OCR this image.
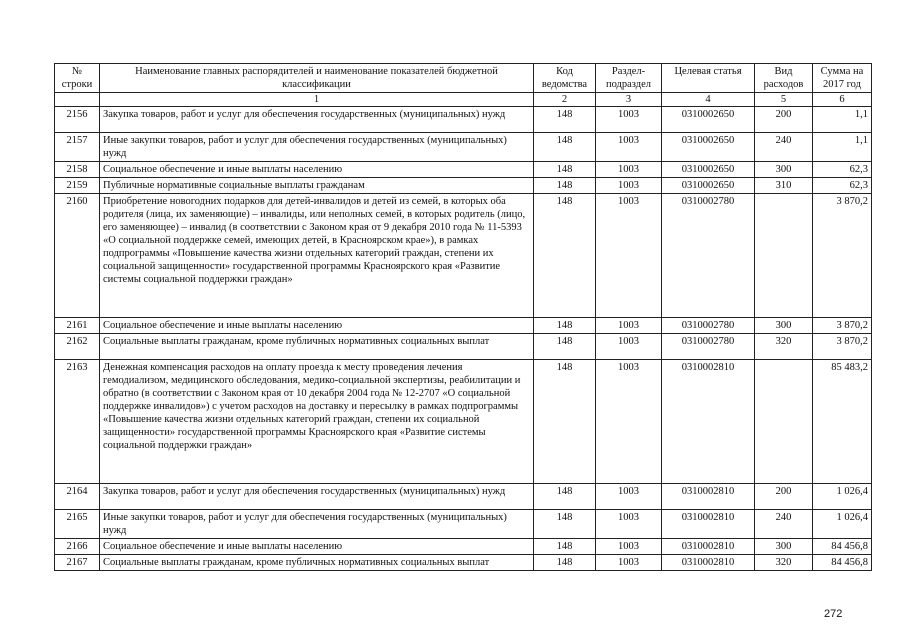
№ строки	Наименование главных распорядителей и наименование показателей бюджетной классификации	Код ведомства	Раздел-подраздел	Целевая статья	Вид расходов	Сумма на 2017 год
	1	2	3	4	5	6
2156	Закупка товаров, работ и услуг для обеспечения государственных (муниципальных) нужд	148	1003	0310002650	200	1,1
2157	Иные закупки товаров, работ и услуг для обеспечения государственных (муниципальных) нужд	148	1003	0310002650	240	1,1
2158	Социальное обеспечение и иные выплаты населению	148	1003	0310002650	300	62,3
2159	Публичные нормативные социальные выплаты гражданам	148	1003	0310002650	310	62,3
2160	Приобретение новогодних подарков для детей-инвалидов и детей из семей, в которых оба родителя (лица, их заменяющие) – инвалиды, или неполных семей, в которых родитель (лицо, его заменяющее) – инвалид (в соответствии с Законом края от 9 декабря 2010 года № 11-5393 «О социальной поддержке семей, имеющих детей, в Красноярском крае»), в рамках подпрограммы «Повышение качества жизни отдельных категорий граждан, степени их социальной защищенности» государственной программы Красноярского края «Развитие системы социальной поддержки граждан»	148	1003	0310002780		3 870,2
2161	Социальное обеспечение и иные выплаты населению	148	1003	0310002780	300	3 870,2
2162	Социальные выплаты гражданам, кроме публичных нормативных социальных выплат	148	1003	0310002780	320	3 870,2
2163	Денежная компенсация расходов на оплату проезда к месту проведения лечения гемодиализом, медицинского обследования, медико-социальной экспертизы, реабилитации и обратно (в соответствии с Законом края от 10 декабря 2004 года № 12-2707 «О социальной поддержке инвалидов») с учетом расходов на доставку и пересылку в рамках подпрограммы «Повышение качества жизни отдельных категорий граждан, степени их социальной защищенности» государственной программы Красноярского края «Развитие системы социальной поддержки граждан»	148	1003	0310002810		85 483,2
2164	Закупка товаров, работ и услуг для обеспечения государственных (муниципальных) нужд	148	1003	0310002810	200	1 026,4
2165	Иные закупки товаров, работ и услуг для обеспечения государственных (муниципальных) нужд	148	1003	0310002810	240	1 026,4
2166	Социальное обеспечение и иные выплаты населению	148	1003	0310002810	300	84 456,8
2167	Социальные выплаты гражданам, кроме публичных нормативных социальных выплат	148	1003	0310002810	320	84 456,8
272
